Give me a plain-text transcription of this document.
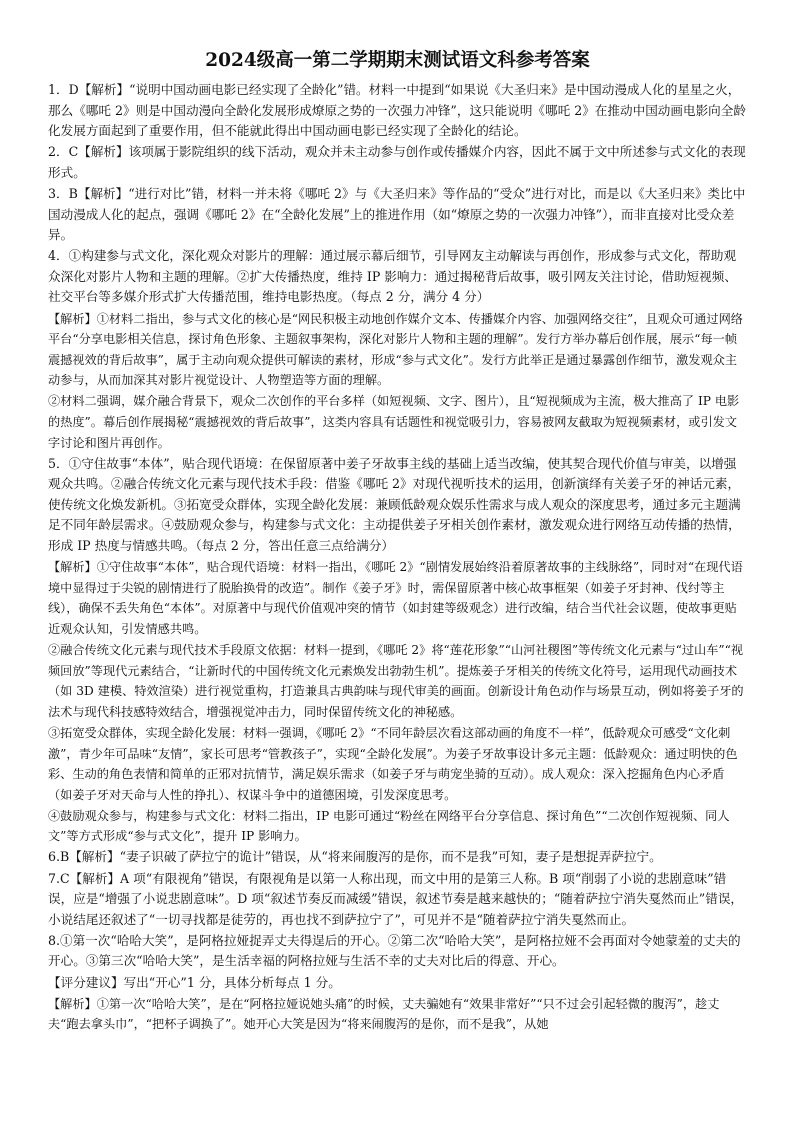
2024级高一第二学期期末测试语文科参考答案

1．D【解析】“说明中国动画电影已经实现了全龄化”错。材料一中提到“如果说《大圣归来》是中国动漫成人化的星星之火，那么《哪吒 2》则是中国动漫向全龄化发展形成燎原之势的一次强力冲锋”，这只能说明《哪吒 2》在推动中国动画电影向全龄化发展方面起到了重要作用，但不能就此得出中国动画电影已经实现了全龄化的结论。

2．C【解析】该项属于影院组织的线下活动，观众并未主动参与创作或传播媒介内容，因此不属于文中所述参与式文化的表现形式。

3．B【解析】“进行对比”错，材料一并未将《哪吒 2》与《大圣归来》等作品的“受众”进行对比，而是以《大圣归来》类比中国动漫成人化的起点，强调《哪吒 2》在“全龄化发展”上的推进作用（如“燎原之势的一次强力冲锋”），而非直接对比受众差异。

4．①构建参与式文化，深化观众对影片的理解：通过展示幕后细节，引导网友主动解读与再创作，形成参与式文化，帮助观众深化对影片人物和主题的理解。②扩大传播热度，维持 IP 影响力：通过揭秘背后故事，吸引网友关注讨论，借助短视频、社交平台等多媒介形式扩大传播范围，维持电影热度。（每点 2 分，满分 4 分）

【解析】①材料二指出，参与式文化的核心是“网民积极主动地创作媒介文本、传播媒介内容、加强网络交往”，且观众可通过网络平台“分享电影相关信息，探讨角色形象、主题叙事架构，深化对影片人物和主题的理解”。发行方举办幕后创作展，展示“每一帧震撼视效的背后故事”，属于主动向观众提供可解读的素材，形成“参与式文化”。发行方此举正是通过暴露创作细节，激发观众主动参与，从而加深其对影片视觉设计、人物塑造等方面的理解。

②材料二强调，媒介融合背景下，观众二次创作的平台多样（如短视频、文字、图片），且“短视频成为主流，极大推高了 IP 电影的热度”。幕后创作展揭秘“震撼视效的背后故事”，这类内容具有话题性和视觉吸引力，容易被网友截取为短视频素材，或引发文字讨论和图片再创作。

5．①守住故事“本体”，贴合现代语境：在保留原著中姜子牙故事主线的基础上适当改编，使其契合现代价值与审美，以增强观众共鸣。②融合传统文化元素与现代技术手段：借鉴《哪吒 2》对现代视听技术的运用，创新演绎有关姜子牙的神话元素，使传统文化焕发新机。③拓宽受众群体，实现全龄化发展：兼顾低龄观众娱乐性需求与成人观众的深度思考，通过多元主题满足不同年龄层需求。④鼓励观众参与，构建参与式文化：主动提供姜子牙相关创作素材，激发观众进行网络互动传播的热情，形成 IP 热度与情感共鸣。（每点 2 分，答出任意三点给满分）

【解析】①守住故事“本体”，贴合现代语境：材料一指出，《哪吒 2》“剧情发展始终沿着原著故事的主线脉络”，同时对“在现代语境中显得过于尖锐的剧情进行了脱胎换骨的改造”。制作《姜子牙》时，需保留原著中核心故事框架（如姜子牙封神、伐纣等主线），确保不丢失角色“本体”。对原著中与现代价值观冲突的情节（如封建等级观念）进行改编，结合当代社会议题，使故事更贴近观众认知，引发情感共鸣。

②融合传统文化元素与现代技术手段原文依据：材料一提到，《哪吒 2》将“莲花形象”“山河社稷图”等传统文化元素与“过山车”“视频回放”等现代元素结合，“让新时代的中国传统文化元素焕发出勃勃生机”。提炼姜子牙相关的传统文化符号，运用现代动画技术（如 3D 建模、特效渲染）进行视觉重构，打造兼具古典韵味与现代审美的画面。创新设计角色动作与场景互动，例如将姜子牙的法术与现代科技感特效结合，增强视觉冲击力，同时保留传统文化的神秘感。

③拓宽受众群体，实现全龄化发展：材料一强调，《哪吒 2》“不同年龄层次看这部动画的角度不一样”，低龄观众可感受“文化刺激”，青少年可品味“友情”，家长可思考“管教孩子”，实现“全龄化发展”。为姜子牙故事设计多元主题：低龄观众：通过明快的色彩、生动的角色表情和简单的正邪对抗情节，满足娱乐需求（如姜子牙与萌宠坐骑的互动）。成人观众：深入挖掘角色内心矛盾（如姜子牙对天命与人性的挣扎）、权谋斗争中的道德困境，引发深度思考。

④鼓励观众参与，构建参与式文化：材料二指出，IP 电影可通过“粉丝在网络平台分享信息、探讨角色”“二次创作短视频、同人文”等方式形成“参与式文化”，提升 IP 影响力。

6.B【解析】“妻子识破了萨拉宁的诡计”错误，从“将来闹腹泻的是你，而不是我”可知，妻子是想捉弄萨拉宁。

7.C【解析】A 项“有限视角”错误，有限视角是以第一人称出现，而文中用的是第三人称。B 项“削弱了小说的悲剧意味”错误，应是“增强了小说悲剧意味”。D 项“叙述节奏反而减缓”错误，叙述节奏是越来越快的；“随着萨拉宁消失戛然而止”错误，小说结尾还叙述了“一切寻找都是徒劳的，再也找不到萨拉宁了”，可见并不是“随着萨拉宁消失戛然而止。

8.①第一次“哈哈大笑”，是阿格拉娅捉弄丈夫得逞后的开心。②第二次“哈哈大笑”，是阿格拉娅不会再面对令她蒙羞的丈夫的开心。③第三次“哈哈大笑”，是生活幸福的阿格拉娅与生活不幸的丈夫对比后的得意、开心。

【评分建议】写出“开心”1 分，具体分析每点 1 分。

【解析】①第一次“哈哈大笑”，是在“阿格拉娅说她头痛”的时候，丈夫骗她有“效果非常好”“只不过会引起轻微的腹泻”，趁丈夫“跑去拿头巾”，“把杯子调换了”。她开心大笑是因为“将来闹腹泻的是你，而不是我”，从她
